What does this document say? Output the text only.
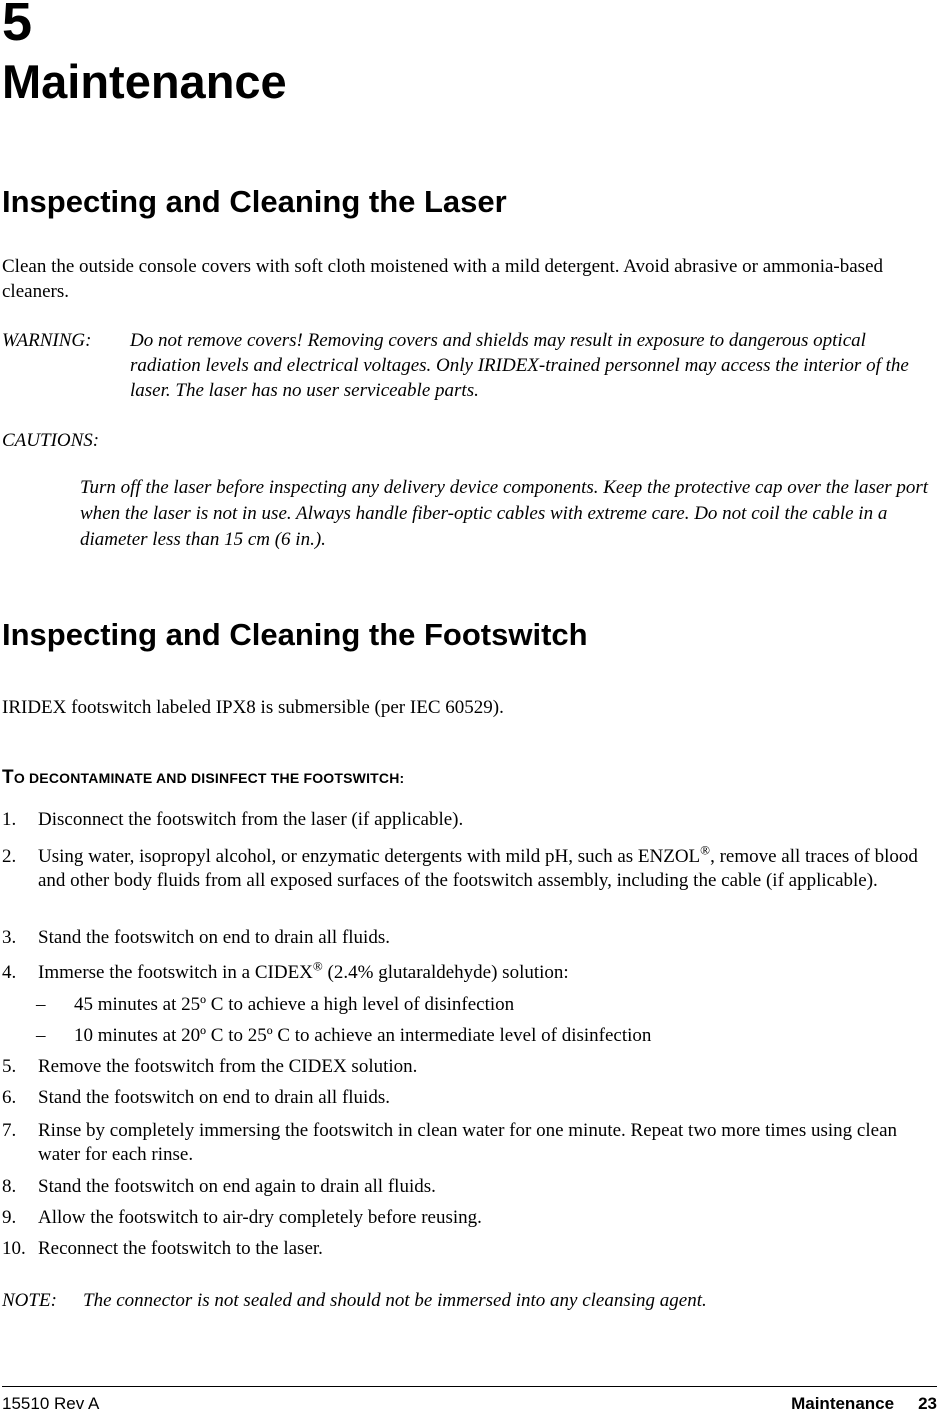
5
Maintenance
Inspecting and Cleaning the Laser
Clean the outside console covers with soft cloth moistened with a mild detergent. Avoid abrasive or ammonia-based cleaners.
WARNING: Do not remove covers! Removing covers and shields may result in exposure to dangerous optical radiation levels and electrical voltages. Only IRIDEX-trained personnel may access the interior of the laser. The laser has no user serviceable parts.
CAUTIONS:
Turn off the laser before inspecting any delivery device components. Keep the protective cap over the laser port when the laser is not in use. Always handle fiber-optic cables with extreme care. Do not coil the cable in a diameter less than 15 cm (6 in.).
Inspecting and Cleaning the Footswitch
IRIDEX footswitch labeled IPX8 is submersible (per IEC 60529).
TO DECONTAMINATE AND DISINFECT THE FOOTSWITCH:
1.	Disconnect the footswitch from the laser (if applicable).
2.	Using water, isopropyl alcohol, or enzymatic detergents with mild pH, such as ENZOL®, remove all traces of blood and other body fluids from all exposed surfaces of the footswitch assembly, including the cable (if applicable).
3.	Stand the footswitch on end to drain all fluids.
4.	Immerse the footswitch in a CIDEX® (2.4% glutaraldehyde) solution:
– 45 minutes at 25º C to achieve a high level of disinfection
– 10 minutes at 20º C to 25º C to achieve an intermediate level of disinfection
5.	Remove the footswitch from the CIDEX solution.
6.	Stand the footswitch on end to drain all fluids.
7.	Rinse by completely immersing the footswitch in clean water for one minute. Repeat two more times using clean water for each rinse.
8.	Stand the footswitch on end again to drain all fluids.
9.	Allow the footswitch to air-dry completely before reusing.
10. Reconnect the footswitch to the laser.
NOTE: The connector is not sealed and should not be immersed into any cleansing agent.
15510 Rev A	Maintenance 23
